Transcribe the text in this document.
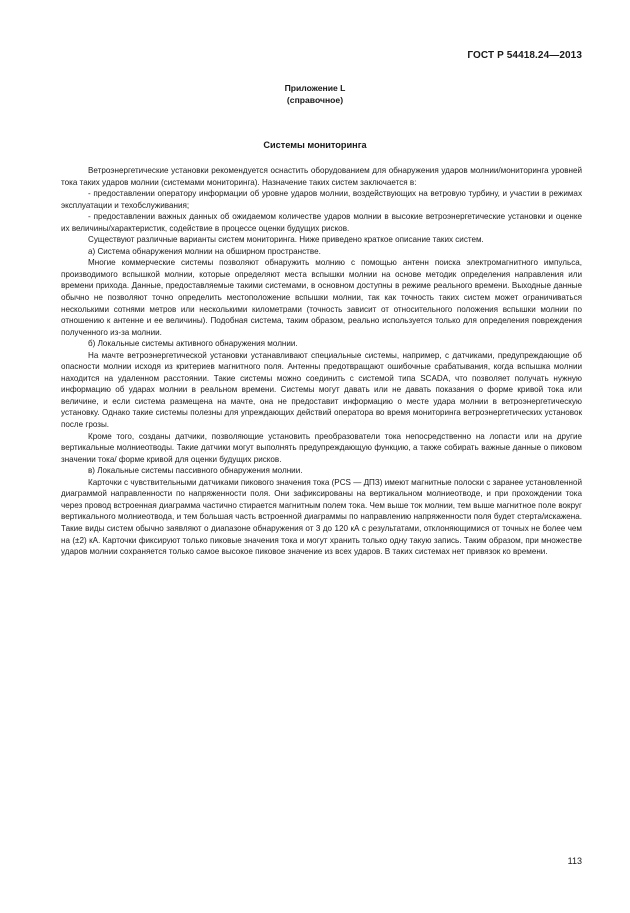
ГОСТ Р 54418.24—2013
Приложение L
(справочное)
Системы мониторинга

Ветроэнергетические установки рекомендуется оснастить оборудованием для обнаружения ударов молнии/мониторинга уровней тока таких ударов молнии (системами мониторинга). Назначение таких систем заключается в:

- предоставлении оператору информации об уровне ударов молнии, воздействующих на ветровую турбину, и участии в режимах эксплуатации и техобслуживания;

- предоставлении важных данных об ожидаемом количестве ударов молнии в высокие ветроэнергетические установки и оценке их величины/характеристик, содействие в процессе оценки будущих рисков.

Существуют различные варианты систем мониторинга. Ниже приведено краткое описание таких систем.

а) Система обнаружения молнии на обширном пространстве.

Многие коммерческие системы позволяют обнаружить молнию с помощью антенн поиска электромагнитного импульса, производимого вспышкой молнии, которые определяют места вспышки молнии на основе методик определения направления или времени прихода. Данные, предоставляемые такими системами, в основном доступны в режиме реального времени. Выходные данные обычно не позволяют точно определить местоположение вспышки молнии, так как точность таких систем может ограничиваться несколькими сотнями метров или несколькими километрами (точность зависит от относительного положения вспышки молнии по отношению к антенне и ее величины). Подобная система, таким образом, реально используется только для определения повреждения полученного из-за молнии.

б) Локальные системы активного обнаружения молнии.

На мачте ветроэнергетической установки устанавливают специальные системы, например, с датчиками, предупреждающие об опасности молнии исходя из критериев магнитного поля. Антенны предотвращают ошибочные срабатывания, когда вспышка молнии находится на удаленном расстоянии. Такие системы можно соединить с системой типа SCADA, что позволяет получать нужную информацию об ударах молнии в реальном времени. Системы могут давать или не давать показания о форме кривой тока или величине, и если система размещена на мачте, она не предоставит информацию о месте удара молнии в ветроэнергетическую установку. Однако такие системы полезны для упреждающих действий оператора во время мониторинга ветроэнергетических установок после грозы.

Кроме того, созданы датчики, позволяющие установить преобразователи тока непосредственно на лопасти или на другие вертикальные молниеотводы. Такие датчики могут выполнять предупреждающую функцию, а также собирать важные данные о пиковом значении тока/ форме кривой для оценки будущих рисков.

в) Локальные системы пассивного обнаружения молнии.

Карточки с чувствительными датчиками пикового значения тока (PCS — ДПЗ) имеют магнитные полоски с заранее установленной диаграммой направленности по напряженности поля. Они зафиксированы на вертикальном молниеотводе, и при прохождении тока через провод встроенная диаграмма частично стирается магнитным полем тока. Чем выше ток молнии, тем выше магнитное поле вокруг вертикального молниеотвода, и тем большая часть встроенной диаграммы по направлению напряженности поля будет стерта/искажена. Такие виды систем обычно заявляют о диапазоне обнаружения от 3 до 120 кА с результатами, отклоняющимися от точных не более чем на (±2) кА. Карточки фиксируют только пиковые значения тока и могут хранить только одну такую запись. Таким образом, при множестве ударов молнии сохраняется только самое высокое пиковое значение из всех ударов. В таких системах нет привязок ко времени.

113
